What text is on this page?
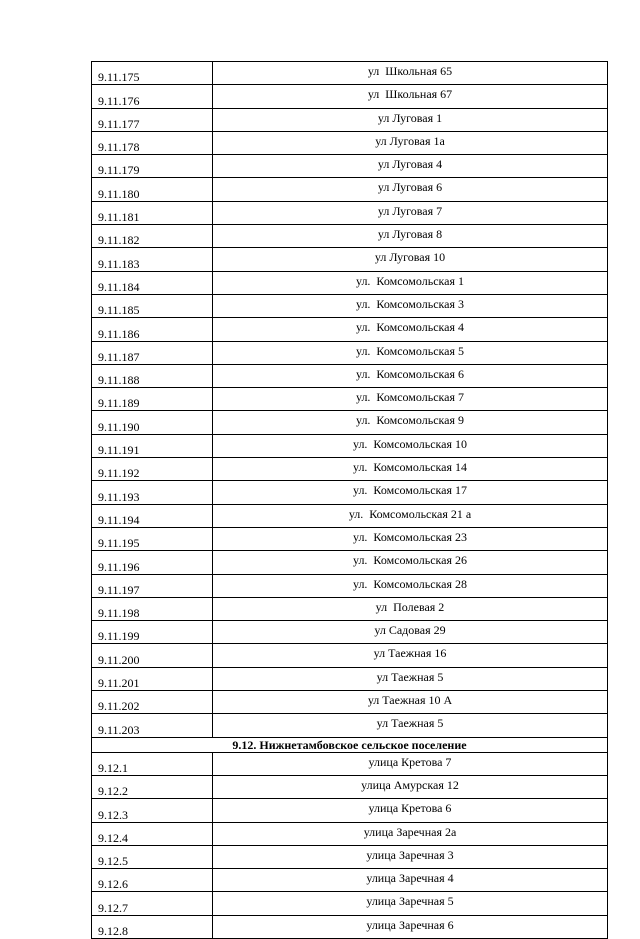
9.11.175	ул  Школьная 65
9.11.176	ул  Школьная 67
9.11.177	ул Луговая 1
9.11.178	ул Луговая 1а
9.11.179	ул Луговая 4
9.11.180	ул Луговая 6
9.11.181	ул Луговая 7
9.11.182	ул Луговая 8
9.11.183	ул Луговая 10
9.11.184	ул.  Комсомольская 1
9.11.185	ул.  Комсомольская 3
9.11.186	ул.  Комсомольская 4
9.11.187	ул.  Комсомольская 5
9.11.188	ул.  Комсомольская 6
9.11.189	ул.  Комсомольская 7
9.11.190	ул.  Комсомольская 9
9.11.191	ул.  Комсомольская 10
9.11.192	ул.  Комсомольская 14
9.11.193	ул.  Комсомольская 17
9.11.194	ул.  Комсомольская 21 а
9.11.195	ул.  Комсомольская 23
9.11.196	ул.  Комсомольская 26
9.11.197	ул.  Комсомольская 28
9.11.198	ул  Полевая 2
9.11.199	ул Садовая 29
9.11.200	ул Таежная 16
9.11.201	ул Таежная 5
9.11.202	ул Таежная 10 А
9.11.203	ул Таежная 5
9.12. Нижнетамбовское сельское поселение	
9.12.1	улица Кретова 7
9.12.2	улица Амурская 12
9.12.3	улица Кретова 6
9.12.4	улица Заречная 2а
9.12.5	улица Заречная 3
9.12.6	улица Заречная 4
9.12.7	улица Заречная 5
9.12.8	улица Заречная 6
